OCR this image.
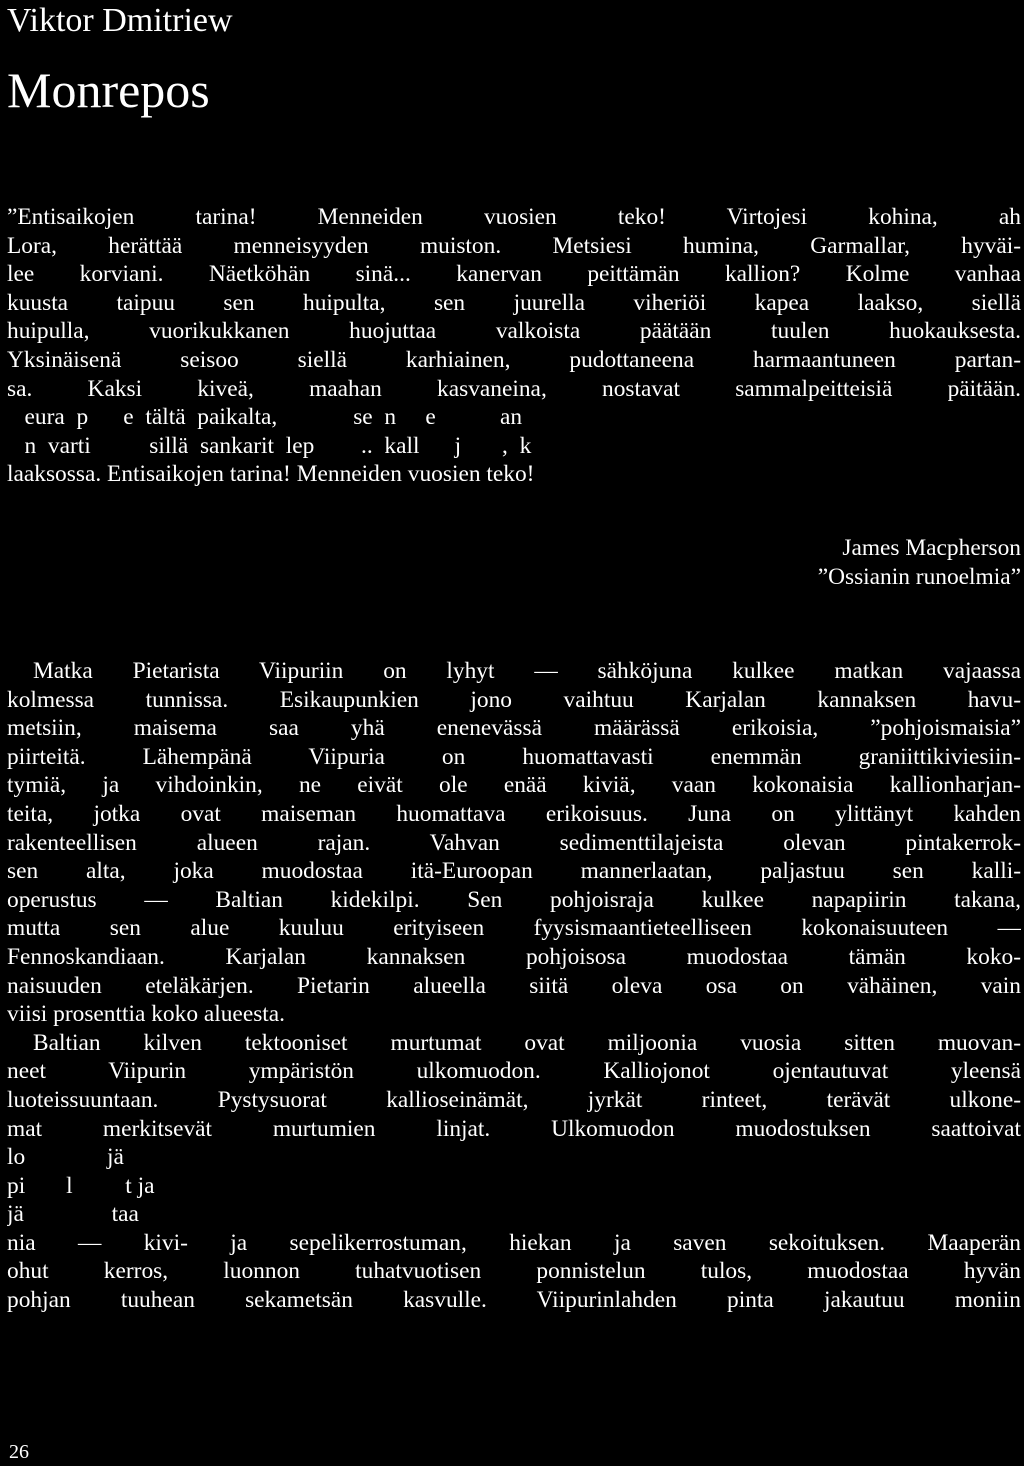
Viktor Dmitriew
Monrepos
”Entisaikojen tarina! Menneiden vuosien teko! Virtojesi kohina, ah
Lora, herättää menneisyyden muiston. Metsiesi humina, Garmallar, hyväi-
lee korviani. Näetköhän sinä... kanervan peittämän kallion? Kolme vanhaa
kuusta taipuu sen huipulta, sen juurella viheriöi kapea laakso, siellä
huipulla, vuorikukkanen huojuttaa valkoista päätään tuulen huokauksesta.
Yksinäisenä seisoo siellä karhiainen, pudottaneena harmaantuneen partan-
sa. Kaksi kiveä, maahan kasvaneina, nostavat sammalpeitteisiä päitään.
eura  p      e  tältä  paikalta,             se  n     e           an
n  varti          sillä  sankarit  lep        ..  kall      j       ,  k
laaksossa. Entisaikojen tarina! Menneiden vuosien teko!
James Macpherson
”Ossianin runoelmia”
Matka Pietarista Viipuriin on lyhyt — sähköjuna kulkee matkan vajaassa
kolmessa tunnissa. Esikaupunkien jono vaihtuu Karjalan kannaksen havu-
metsiin, maisema saa yhä enenevässä määrässä erikoisia, ”pohjoismaisia”
piirteitä. Lähempänä Viipuria on huomattavasti enemmän graniittikiviesiin-
tymiä, ja vihdoinkin, ne eivät ole enää kiviä, vaan kokonaisia kallionharjan-
teita, jotka ovat maiseman huomattava erikoisuus. Juna on ylittänyt kahden
rakenteellisen alueen rajan. Vahvan sedimenttilajeista olevan pintakerrok-
sen alta, joka muodostaa itä-Euroopan mannerlaatan, paljastuu sen kalli-
operustus — Baltian kidekilpi. Sen pohjoisraja kulkee napapiirin takana,
mutta sen alue kuuluu erityiseen fyysismaantieteelliseen kokonaisuuteen —
Fennoskandiaan. Karjalan kannaksen pohjoisosa muodostaa tämän koko-
naisuuden eteläkärjen. Pietarin alueella siitä oleva osa on vähäinen, vain
viisi prosenttia koko alueesta.
Baltian kilven tektooniset murtumat ovat miljoonia vuosia sitten muovan-
neet Viipurin ympäristön ulkomuodon. Kalliojonot ojentautuvat yleensä
luoteissuuntaan. Pystysuorat kallioseinämät, jyrkät rinteet, terävät ulkone-
mat merkitsevät murtumien linjat. Ulkomuodon muodostuksen saattoivat
lo              jä
pi       l         t ja
jä               taa
nia — kivi- ja sepelikerrostuman, hiekan ja saven sekoituksen. Maaperän
ohut kerros, luonnon tuhatvuotisen ponnistelun tulos, muodostaa hyvän
pohjan tuuhean sekametsän kasvulle. Viipurinlahden pinta jakautuu moniin
26
